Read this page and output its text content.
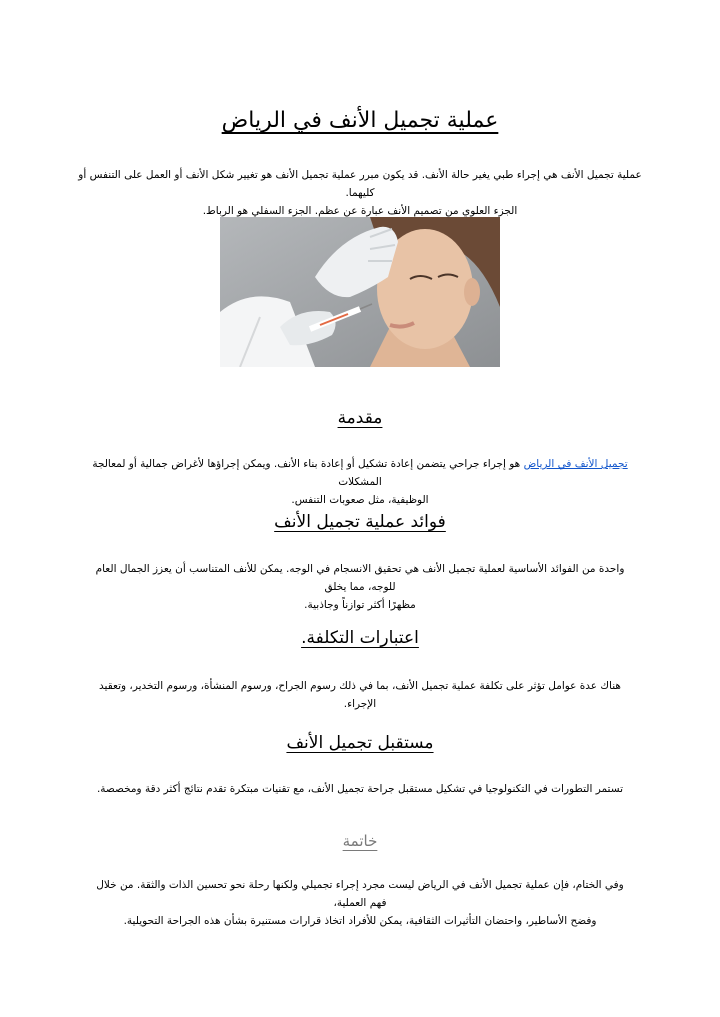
عملية تجميل الأنف في الرياض
عملية تجميل الأنف هي إجراء طبي يغير حالة الأنف. قد يكون مبرر عملية تجميل الأنف هو تغيير شكل الأنف أو العمل على التنفس أو كليهما.
الجزء العلوي من تصميم الأنف عبارة عن عظم. الجزء السفلي هو الرباط.
مقدمة
تجميل الأنف في الرياض هو إجراء جراحي يتضمن إعادة تشكيل أو إعادة بناء الأنف. ويمكن إجراؤها لأغراض جمالية أو لمعالجة المشكلات
الوظيفية، مثل صعوبات التنفس.
فوائد عملية تجميل الأنف
واحدة من الفوائد الأساسية لعملية تجميل الأنف هي تحقيق الانسجام في الوجه. يمكن للأنف المتناسب أن يعزز الجمال العام للوجه، مما يخلق
مظهرًا أكثر توازناً وجاذبية.
اعتبارات التكلفة.
هناك عدة عوامل تؤثر على تكلفة عملية تجميل الأنف، بما في ذلك رسوم الجراح، ورسوم المنشأة، ورسوم التخدير، وتعقيد الإجراء.
مستقبل تجميل الأنف
تستمر التطورات في التكنولوجيا في تشكيل مستقبل جراحة تجميل الأنف، مع تقنيات مبتكرة تقدم نتائج أكثر دقة ومخصصة.
خاتمة
وفي الختام، فإن عملية تجميل الأنف في الرياض ليست مجرد إجراء تجميلي ولكنها رحلة نحو تحسين الذات والثقة. من خلال فهم العملية،
وفضح الأساطير، واحتضان التأثيرات الثقافية، يمكن للأفراد اتخاذ قرارات مستنيرة بشأن هذه الجراحة التحويلية.
